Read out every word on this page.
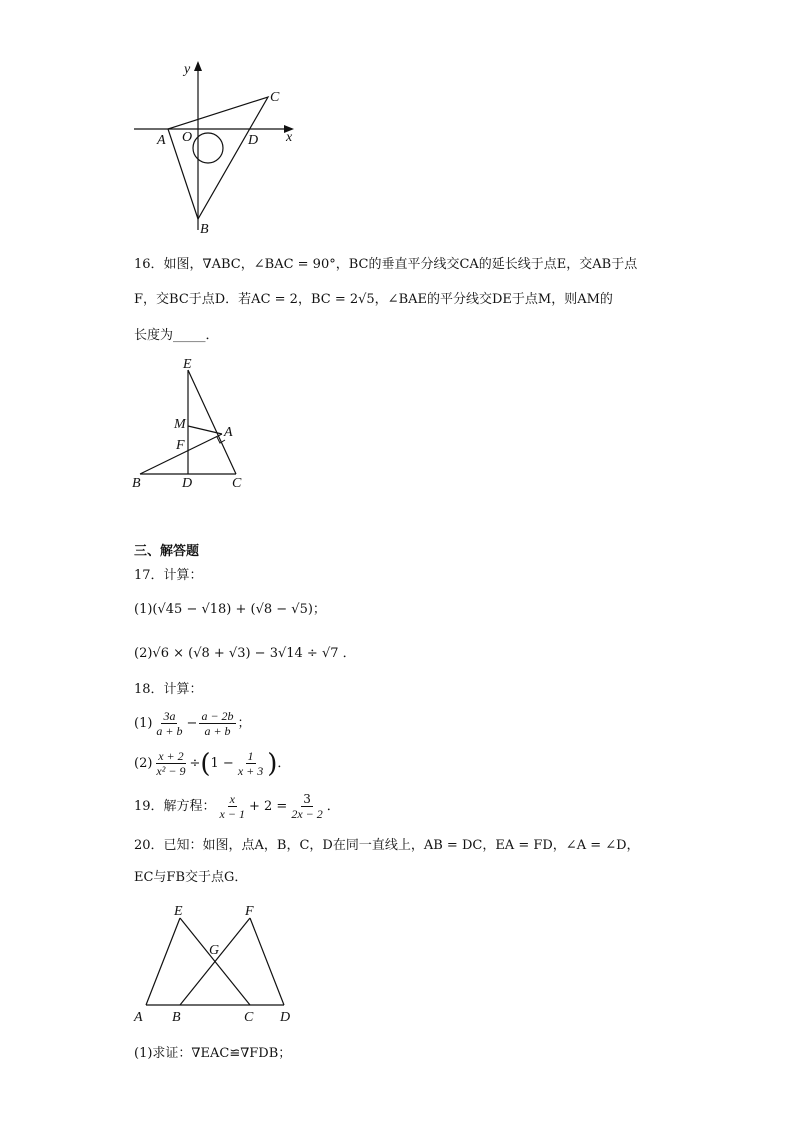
y
x
O
A
B
C
D
16．如图，∇ABC，∠BAC = 90°，BC的垂直平分线交CA的延长线于点E，交AB于点
F，交BC于点D．若AC = 2，BC = 2√5，∠BAE的平分线交DE于点M，则AM的
长度为_____．
E
M
A
F
B	D	C
三、解答题
17．计算：
(1)(√45 − √18) + (√8 − √5)；
(2)√6 × (√8 + √3) − 3√14 ÷ √7 ．
18．计算：
$(1) \frac{3a}{a + b} - \frac{a - 2b}{a + b}$ ；
$(2) \frac{x + 2}{\text{x² − 9}}$ ÷ ( $1 - \frac{1}{x + 3}$ ) ．
19．解方程： $\frac{x}{x - 1} + 2 = \frac{3}{2x - 2}$ ．
20．已知：如图，点A，B，C，D在同一直线上，AB = DC，EA = FD，∠A = ∠D，
EC与FB交于点G．
E	F
G
A B	C D
(1)求证：∇EAC≌∇FDB；
